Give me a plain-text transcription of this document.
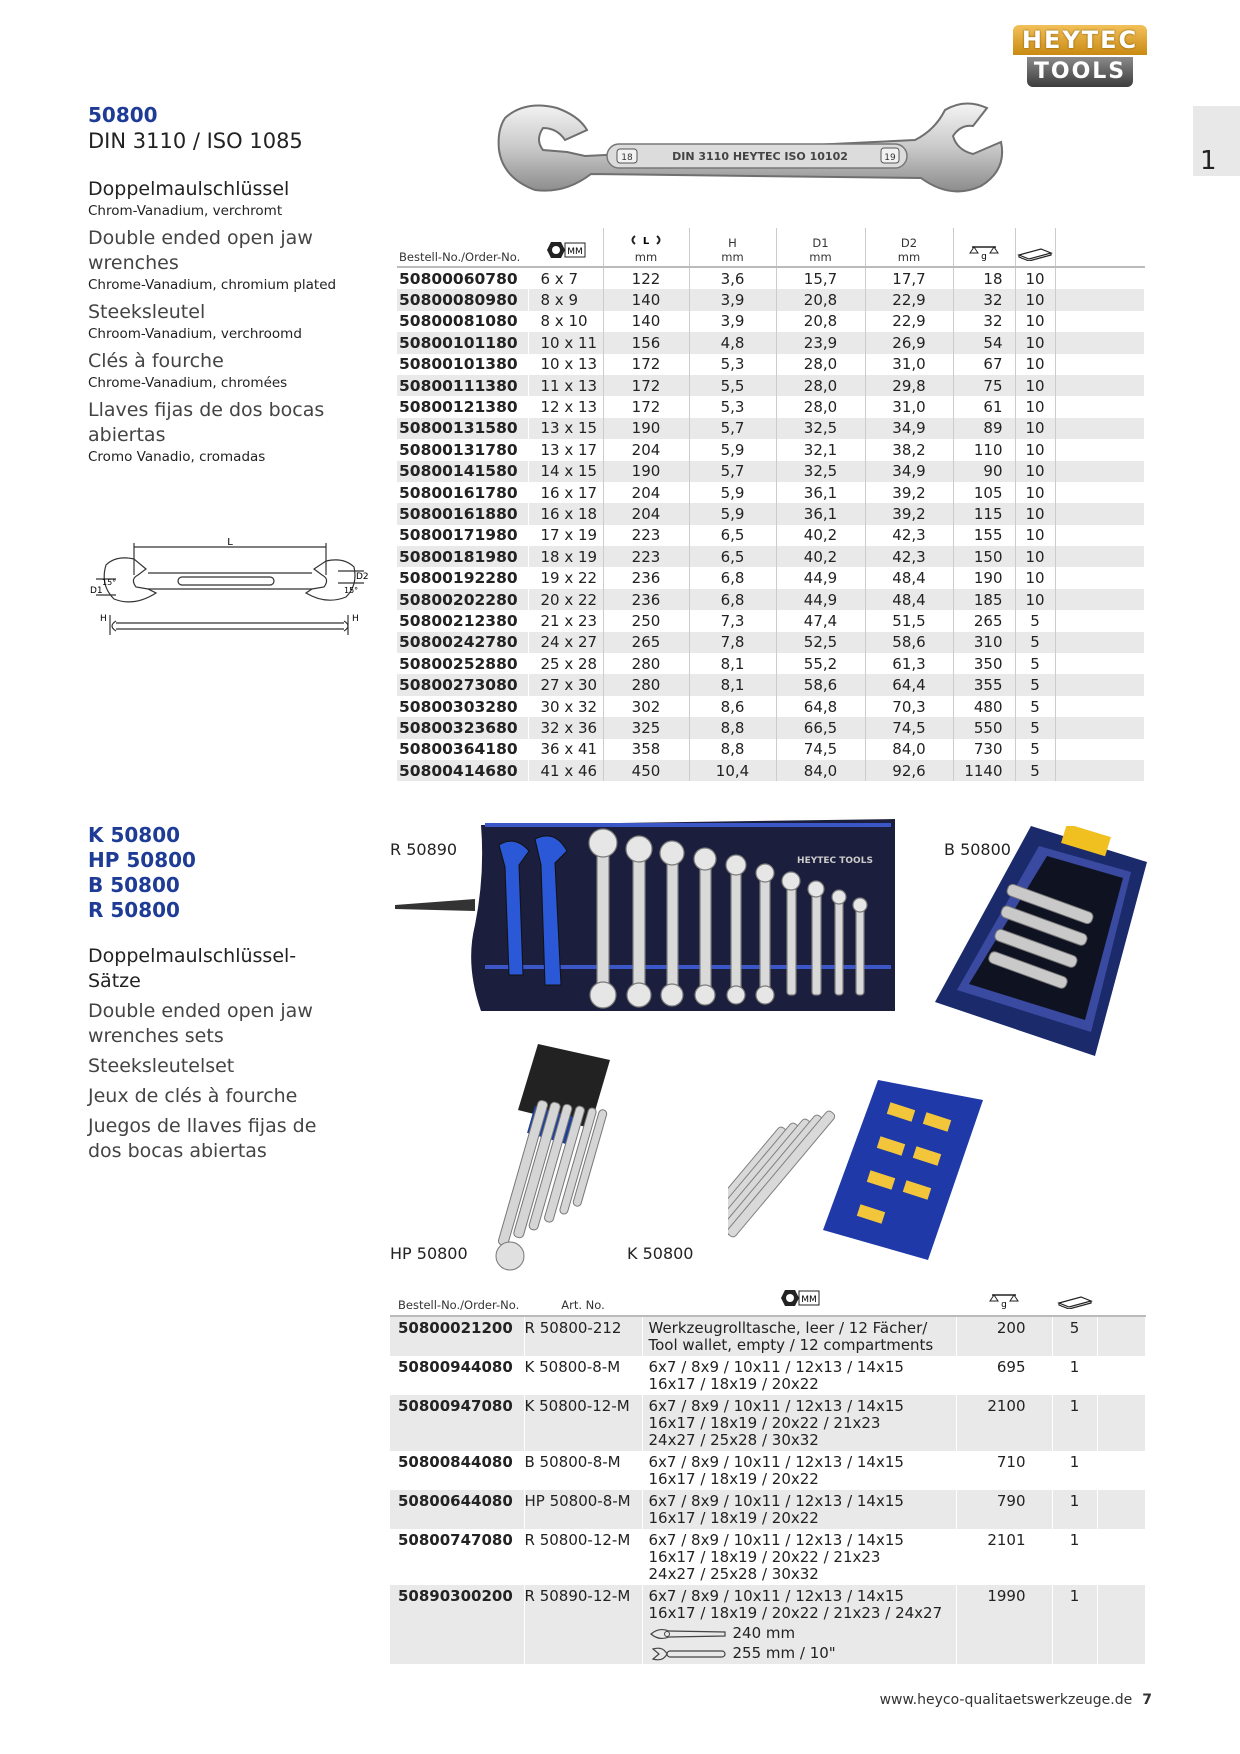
HEYTEC
TOOLS
1
50800
DIN 3110 / ISO 1085
Doppelmaulschlüssel
Chrom-Vanadium, verchromt
Double ended open jaw wrenches
Chrome-Vanadium, chromium plated
Steeksleutel
Chroom-Vanadium, verchroomd
Clés à fourche
Chrome-Vanadium, chromées
Llaves fijas de dos bocas abiertas
Cromo Vanadio, cromadas
18	DIN 3110 HEYTEC ISO 10102	19
L
D1
D2
15°
15°
H	H
Bestell-No./Order-No.	MM	L

mm	H
mm	D1
mm	D2
mm	g

50800060780	6 x 7	122	3,6	15,7	17,7	18	10	
50800080980	8 x 9	140	3,9	20,8	22,9	32	10	
50800081080	8 x 10	140	3,9	20,8	22,9	32	10	
50800101180	10 x 11	156	4,8	23,9	26,9	54	10	
50800101380	10 x 13	172	5,3	28,0	31,0	67	10	
50800111380	11 x 13	172	5,5	28,0	29,8	75	10	
50800121380	12 x 13	172	5,3	28,0	31,0	61	10	
50800131580	13 x 15	190	5,7	32,5	34,9	89	10	
50800131780	13 x 17	204	5,9	32,1	38,2	110	10	
50800141580	14 x 15	190	5,7	32,5	34,9	90	10	
50800161780	16 x 17	204	5,9	36,1	39,2	105	10	
50800161880	16 x 18	204	5,9	36,1	39,2	115	10	
50800171980	17 x 19	223	6,5	40,2	42,3	155	10	
50800181980	18 x 19	223	6,5	40,2	42,3	150	10	
50800192280	19 x 22	236	6,8	44,9	48,4	190	10	
50800202280	20 x 22	236	6,8	44,9	48,4	185	10	
50800212380	21 x 23	250	7,3	47,4	51,5	265	5	
50800242780	24 x 27	265	7,8	52,5	58,6	310	5	
50800252880	25 x 28	280	8,1	55,2	61,3	350	5	
50800273080	27 x 30	280	8,1	58,6	64,4	355	5	
50800303280	30 x 32	302	8,6	64,8	70,3	480	5	
50800323680	32 x 36	325	8,8	66,5	74,5	550	5	
50800364180	36 x 41	358	8,8	74,5	84,0	730	5	
50800414680	41 x 46	450	10,4	84,0	92,6	1140	5	
K 50800
HP 50800
B 50800
R 50800
Doppelmaulschlüssel-Sätze
Double ended open jaw wrenches sets
Steeksleutelset
Jeux de clés à fourche
Juegos de llaves fijas de dos bocas abiertas
R 50890	B 50800
HP 50800	K 50800
HEYTEC TOOLS
Bestell-No./Order-No.	Art. No.	MM	g

50800021200	R 50800-212	Werkzeugrolltasche, leer / 12 Fächer/
Tool wallet, empty / 12 compartments	200	5	
50800944080	K 50800-8-M	6x7 / 8x9 / 10x11 / 12x13 / 14x15
16x17 / 18x19 / 20x22	695	1	
50800947080	K 50800-12-M	6x7 / 8x9 / 10x11 / 12x13 / 14x15
16x17 / 18x19 / 20x22 / 21x23
24x27 / 25x28 / 30x32	2100	1	
50800844080	B 50800-8-M	6x7 / 8x9 / 10x11 / 12x13 / 14x15
16x17 / 18x19 / 20x22	710	1	
50800644080	HP 50800-8-M	6x7 / 8x9 / 10x11 / 12x13 / 14x15
16x17 / 18x19 / 20x22	790	1	
50800747080	R 50800-12-M	6x7 / 8x9 / 10x11 / 12x13 / 14x15
16x17 / 18x19 / 20x22 / 21x23
24x27 / 25x28 / 30x32	2101	1	
50890300200	R 50890-12-M	6x7 / 8x9 / 10x11 / 12x13 / 14x15
16x17 / 18x19 / 20x22 / 21x23 / 24x27
240 mm
255 mm / 10"	1990	1	
www.heyco-qualitaetswerkzeuge.de 7
